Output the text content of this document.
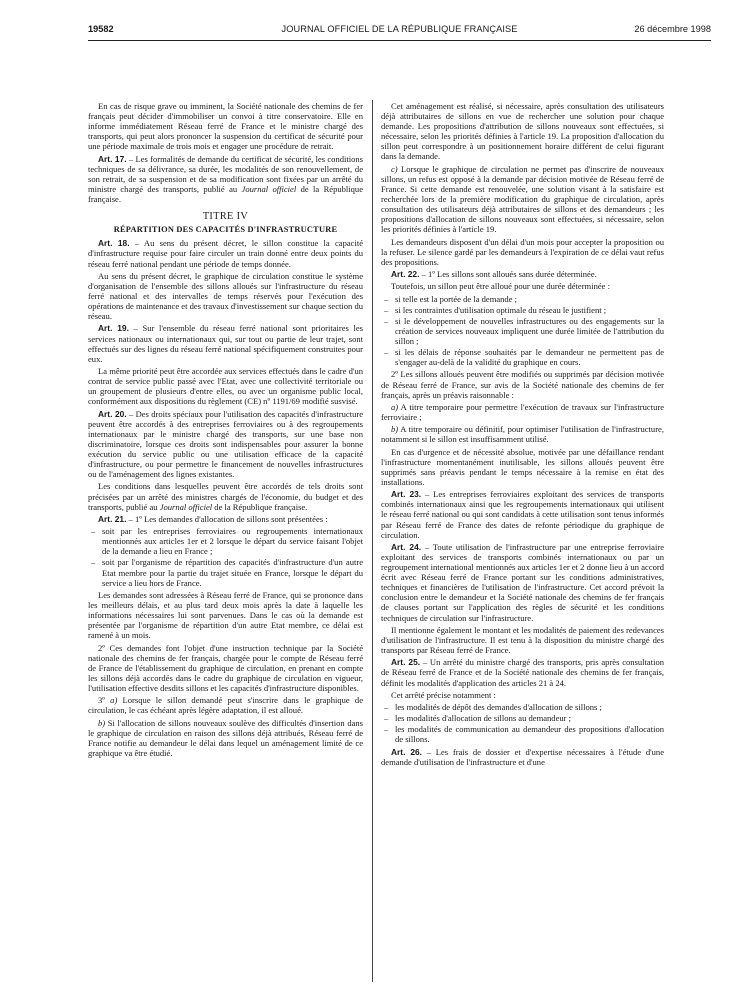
19582	JOURNAL OFFICIEL DE LA RÉPUBLIQUE FRANÇAISE	26 décembre 1998

En cas de risque grave ou imminent, la Société nationale des chemins de fer français peut décider d'immobiliser un convoi à titre conservatoire. Elle en informe immédiatement Réseau ferré de France et le ministre chargé des transports, qui peut alors prononcer la suspension du certificat de sécurité pour une période maximale de trois mois et engager une procédure de retrait.

Art. 17. – Les formalités de demande du certificat de sécurité, les conditions techniques de sa délivrance, sa durée, les modalités de son renouvellement, de son retrait, de sa suspension et de sa modification sont fixées par un arrêté du ministre chargé des transports, publié au Journal officiel de la République française.

TITRE IV
RÉPARTITION DES CAPACITÉS D'INFRASTRUCTURE

Art. 18. – Au sens du présent décret, le sillon constitue la capacité d'infrastructure requise pour faire circuler un train donné entre deux points du réseau ferré national pendant une période de temps donnée.

Au sens du présent décret, le graphique de circulation constitue le système d'organisation de l'ensemble des sillons alloués sur l'infrastructure du réseau ferré national et des intervalles de temps réservés pour l'exécution des opérations de maintenance et des travaux d'investissement sur chaque section du réseau.

Art. 19. – Sur l'ensemble du réseau ferré national sont prioritaires les services nationaux ou internationaux qui, sur tout ou partie de leur trajet, sont effectués sur des lignes du réseau ferré national spécifiquement construites pour eux.

La même priorité peut être accordée aux services effectués dans le cadre d'un contrat de service public passé avec l'Etat, avec une collectivité territoriale ou un groupement de plusieurs d'entre elles, ou avec un organisme public local, conformément aux dispositions du règlement (CE) nº 1191/69 modifié susvisé.

Art. 20. – Des droits spéciaux pour l'utilisation des capacités d'infrastructure peuvent être accordés à des entreprises ferroviaires ou à des regroupements internationaux par le ministre chargé des transports, sur une base non discriminatoire, lorsque ces droits sont indispensables pour assurer la bonne exécution du service public ou une utilisation efficace de la capacité d'infrastructure, ou pour permettre le financement de nouvelles infrastructures ou de l'aménagement des lignes existantes.

Les conditions dans lesquelles peuvent être accordés de tels droits sont précisées par un arrêté des ministres chargés de l'économie, du budget et des transports, publié au Journal officiel de la République française.

Art. 21. – 1º Les demandes d'allocation de sillons sont présentées :

– soit par les entreprises ferroviaires ou regroupements internationaux mentionnés aux articles 1er et 2 lorsque le départ du service faisant l'objet de la demande a lieu en France ;
– soit par l'organisme de répartition des capacités d'infrastructure d'un autre Etat membre pour la partie du trajet située en France, lorsque le départ du service a lieu hors de France.

Les demandes sont adressées à Réseau ferré de France, qui se prononce dans les meilleurs délais, et au plus tard deux mois après la date à laquelle les informations nécessaires lui sont parvenues. Dans le cas où la demande est présentée par l'organisme de répartition d'un autre Etat membre, ce délai est ramené à un mois.

2º Ces demandes font l'objet d'une instruction technique par la Société nationale des chemins de fer français, chargée pour le compte de Réseau ferré de France de l'établissement du graphique de circulation, en prenant en compte les sillons déjà accordés dans le cadre du graphique de circulation en vigueur, l'utilisation effective desdits sillons et les capacités d'infrastructure disponibles.

3º a) Lorsque le sillon demandé peut s'inscrire dans le graphique de circulation, le cas échéant après légère adaptation, il est alloué.

b) Si l'allocation de sillons nouveaux soulève des difficultés d'insertion dans le graphique de circulation en raison des sillons déjà attribués, Réseau ferré de France notifie au demandeur le délai dans lequel un aménagement limité de ce graphique va être étudié.

Cet aménagement est réalisé, si nécessaire, après consultation des utilisateurs déjà attributaires de sillons en vue de rechercher une solution pour chaque demande. Les propositions d'attribution de sillons nouveaux sont effectuées, si nécessaire, selon les priorités définies à l'article 19. La proposition d'allocation du sillon peut correspondre à un positionnement horaire différent de celui figurant dans la demande.

c) Lorsque le graphique de circulation ne permet pas d'inscrire de nouveaux sillons, un refus est opposé à la demande par décision motivée de Réseau ferré de France. Si cette demande est renouvelée, une solution visant à la satisfaire est recherchée lors de la première modification du graphique de circulation, après consultation des utilisateurs déjà attributaires de sillons et des demandeurs ; les propositions d'allocation de sillons nouveaux sont effectuées, si nécessaire, selon les priorités définies à l'article 19.

Les demandeurs disposent d'un délai d'un mois pour accepter la proposition ou la refuser. Le silence gardé par les demandeurs à l'expiration de ce délai vaut refus des propositions.

Art. 22. – 1º Les sillons sont alloués sans durée déterminée.

Toutefois, un sillon peut être alloué pour une durée déterminée :

– si telle est la portée de la demande ;
– si les contraintes d'utilisation optimale du réseau le justifient ;
– si le développement de nouvelles infrastructures ou des engagements sur la création de services nouveaux impliquent une durée limitée de l'attribution du sillon ;
– si les délais de réponse souhaités par le demandeur ne permettent pas de s'engager au-delà de la validité du graphique en cours.

2º Les sillons alloués peuvent être modifiés ou supprimés par décision motivée de Réseau ferré de France, sur avis de la Société nationale des chemins de fer français, après un préavis raisonnable :

a) A titre temporaire pour permettre l'exécution de travaux sur l'infrastructure ferroviaire ;

b) A titre temporaire ou définitif, pour optimiser l'utilisation de l'infrastructure, notamment si le sillon est insuffisamment utilisé.

En cas d'urgence et de nécessité absolue, motivée par une défaillance rendant l'infrastructure momentanément inutilisable, les sillons alloués peuvent être supprimés sans préavis pendant le temps nécessaire à la remise en état des installations.

Art. 23. – Les entreprises ferroviaires exploitant des services de transports combinés internationaux ainsi que les regroupements internationaux qui utilisent le réseau ferré national ou qui sont candidats à cette utilisation sont tenus informés par Réseau ferré de France des dates de refonte périodique du graphique de circulation.

Art. 24. – Toute utilisation de l'infrastructure par une entreprise ferroviaire exploitant des services de transports combinés internationaux ou par un regroupement international mentionnés aux articles 1er et 2 donne lieu à un accord écrit avec Réseau ferré de France portant sur les conditions administratives, techniques et financières de l'utilisation de l'infrastructure. Cet accord prévoit la conclusion entre le demandeur et la Société nationale des chemins de fer français de clauses portant sur l'application des règles de sécurité et les conditions techniques de circulation sur l'infrastructure.

Il mentionne également le montant et les modalités de paiement des redevances d'utilisation de l'infrastructure. Il est tenu à la disposition du ministre chargé des transports par Réseau ferré de France.

Art. 25. – Un arrêté du ministre chargé des transports, pris après consultation de Réseau ferré de France et de la Société nationale des chemins de fer français, définit les modalités d'application des articles 21 à 24.

Cet arrêté précise notamment :

– les modalités de dépôt des demandes d'allocation de sillons ;
– les modalités d'allocation de sillons au demandeur ;
– les modalités de communication au demandeur des propositions d'allocation de sillons.

Art. 26. – Les frais de dossier et d'expertise nécessaires à l'étude d'une demande d'utilisation de l'infrastructure et d'une
